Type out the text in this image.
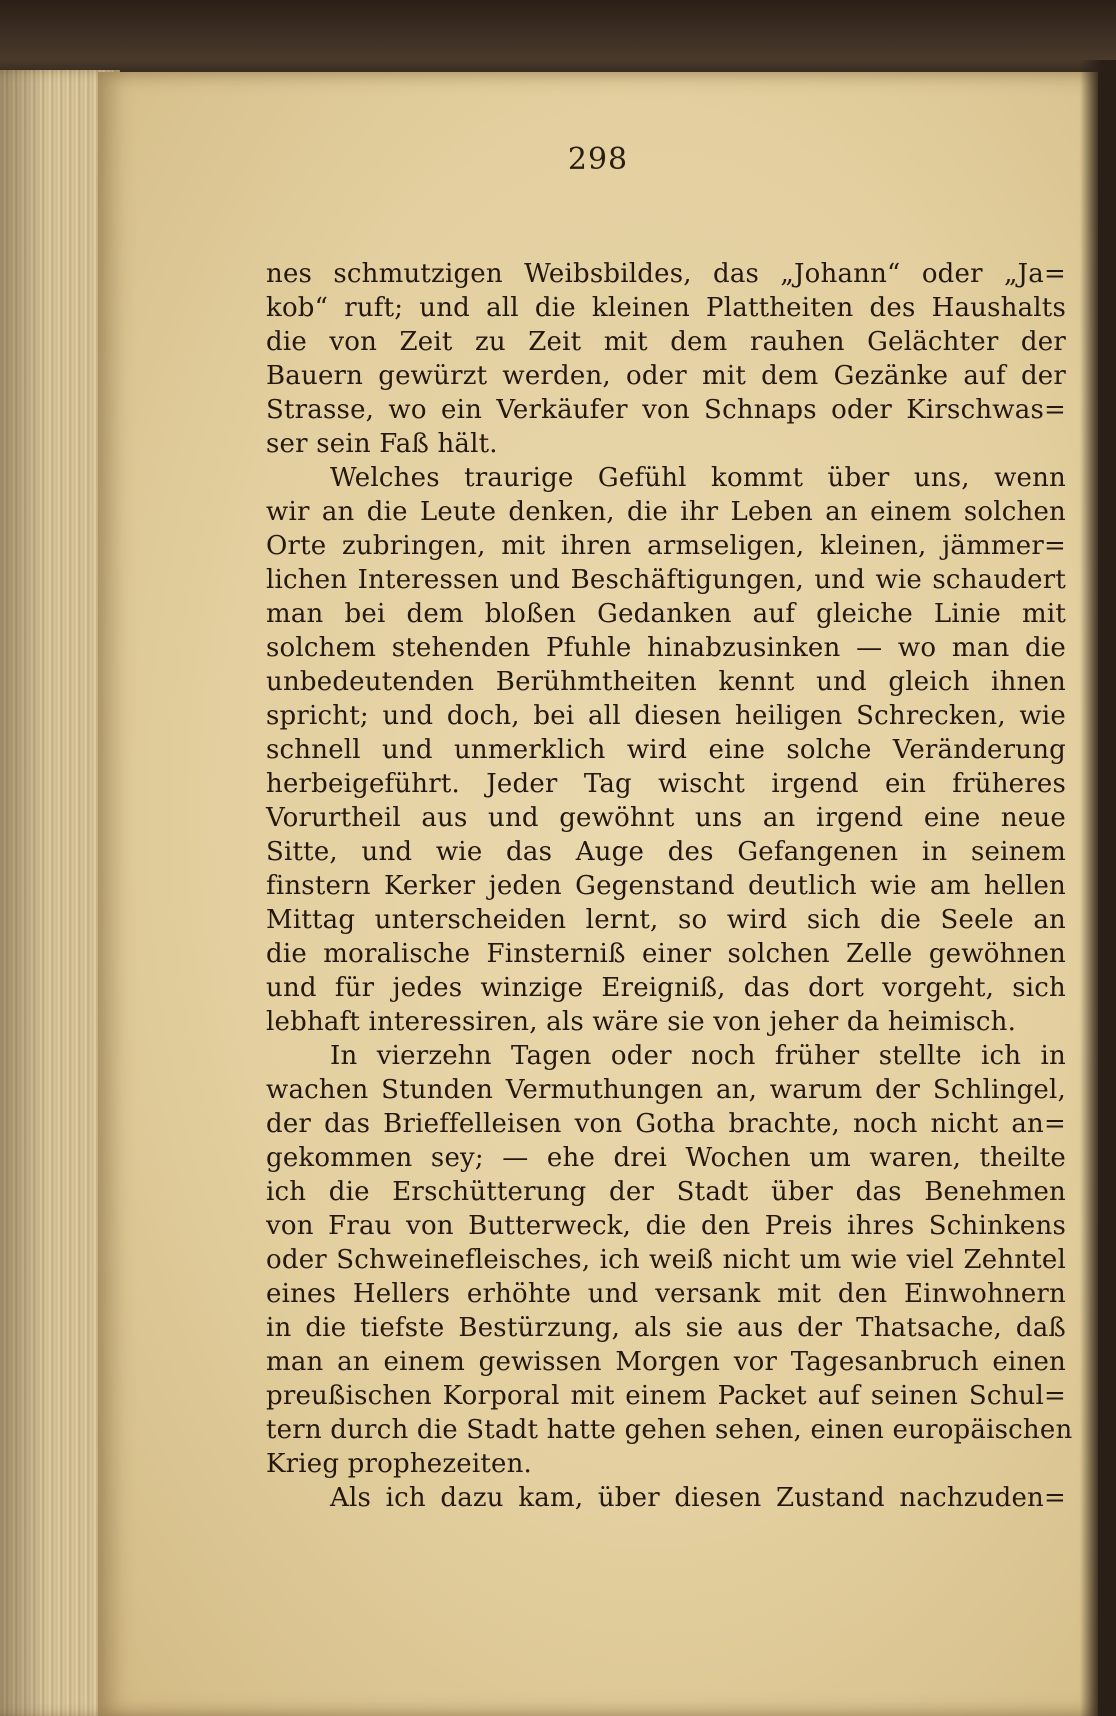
298
nes schmutzigen Weibsbildes, das „Johann“ oder „Ja=
kob“ ruft; und all die kleinen Plattheiten des Haushalts
die von Zeit zu Zeit mit dem rauhen Gelächter der
Bauern gewürzt werden, oder mit dem Gezänke auf der
Strasse, wo ein Verkäufer von Schnaps oder Kirschwas=
ser sein Faß hält.
Welches traurige Gefühl kommt über uns, wenn
wir an die Leute denken, die ihr Leben an einem solchen
Orte zubringen, mit ihren armseligen, kleinen, jämmer=
lichen Interessen und Beschäftigungen, und wie schaudert
man bei dem bloßen Gedanken auf gleiche Linie mit
solchem stehenden Pfuhle hinabzusinken — wo man die
unbedeutenden Berühmtheiten kennt und gleich ihnen
spricht; und doch, bei all diesen heiligen Schrecken, wie
schnell und unmerklich wird eine solche Veränderung
herbeigeführt. Jeder Tag wischt irgend ein früheres
Vorurtheil aus und gewöhnt uns an irgend eine neue
Sitte, und wie das Auge des Gefangenen in seinem
finstern Kerker jeden Gegenstand deutlich wie am hellen
Mittag unterscheiden lernt, so wird sich die Seele an
die moralische Finsterniß einer solchen Zelle gewöhnen
und für jedes winzige Ereigniß, das dort vorgeht, sich
lebhaft interessiren, als wäre sie von jeher da heimisch.
In vierzehn Tagen oder noch früher stellte ich in
wachen Stunden Vermuthungen an, warum der Schlingel,
der das Brieffelleisen von Gotha brachte, noch nicht an=
gekommen sey; — ehe drei Wochen um waren, theilte
ich die Erschütterung der Stadt über das Benehmen
von Frau von Butterweck, die den Preis ihres Schinkens
oder Schweinefleisches, ich weiß nicht um wie viel Zehntel
eines Hellers erhöhte und versank mit den Einwohnern
in die tiefste Bestürzung, als sie aus der Thatsache, daß
man an einem gewissen Morgen vor Tagesanbruch einen
preußischen Korporal mit einem Packet auf seinen Schul=
tern durch die Stadt hatte gehen sehen, einen europäischen
Krieg prophezeiten.
Als ich dazu kam, über diesen Zustand nachzuden=
